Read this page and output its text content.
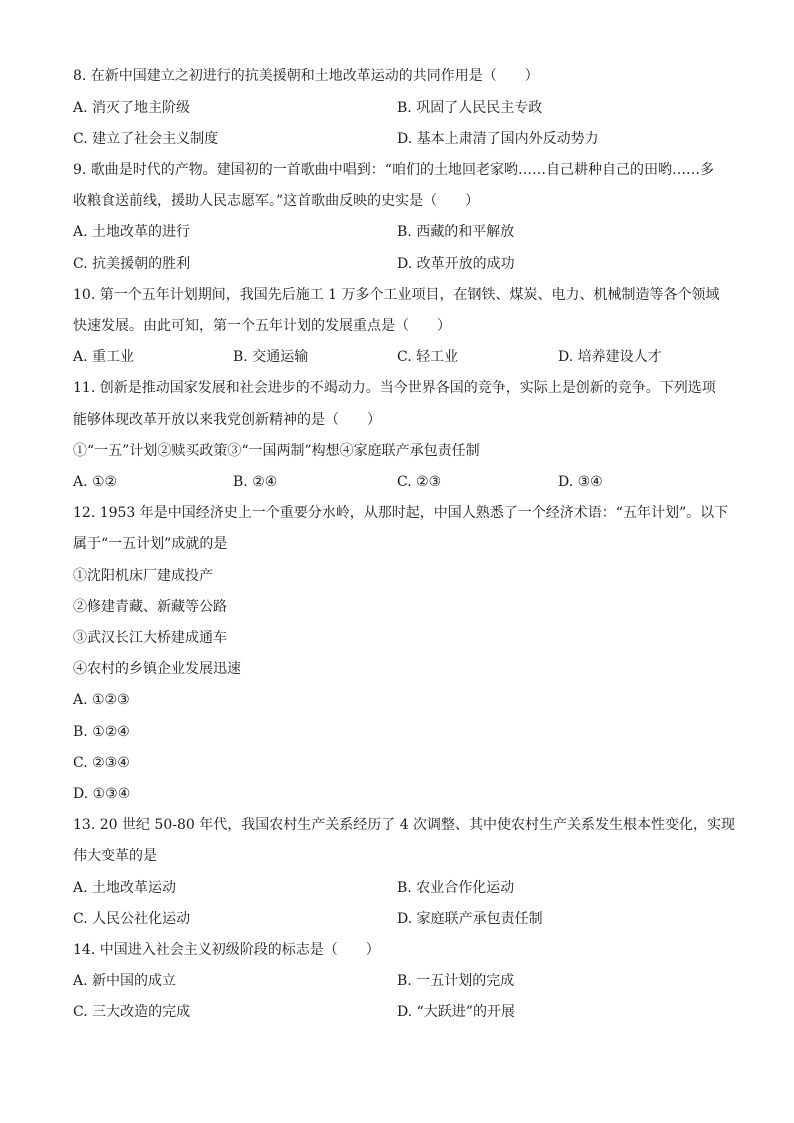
8. 在新中国建立之初进行的抗美援朝和土地改革运动的共同作用是（　　）
A. 消灭了地主阶级	B. 巩固了人民民主专政
C. 建立了社会主义制度	D. 基本上肃清了国内外反动势力
9. 歌曲是时代的产物。建国初的一首歌曲中唱到：“咱们的土地回老家哟……自己耕种自己的田哟……多
收粮食送前线，援助人民志愿军。”这首歌曲反映的史实是（　　）
A. 土地改革的进行	B. 西藏的和平解放
C. 抗美援朝的胜利	D. 改革开放的成功
10. 第一个五年计划期间，我国先后施工 1 万多个工业项目，在钢铁、煤炭、电力、机械制造等各个领域
快速发展。由此可知，第一个五年计划的发展重点是（　　）
A. 重工业	B. 交通运输	C. 轻工业	D. 培养建设人才
11. 创新是推动国家发展和社会进步的不竭动力。当今世界各国的竞争，实际上是创新的竞争。下列选项
能够体现改革开放以来我党创新精神的是（　　）
①“一五”计划②赎买政策③“一国两制”构想④家庭联产承包责任制
A. ①②	B. ②④	C. ②③	D. ③④
12. 1953 年是中国经济史上一个重要分水岭，从那时起，中国人熟悉了一个经济术语：“五年计划”。以下
属于“一五计划”成就的是
①沈阳机床厂建成投产
②修建青藏、新藏等公路
③武汉长江大桥建成通车
④农村的乡镇企业发展迅速
A. ①②③
B. ①②④
C. ②③④
D. ①③④
13. 20 世纪 50-80 年代，我国农村生产关系经历了 4 次调整、其中使农村生产关系发生根本性变化，实现
伟大变革的是
A. 土地改革运动	B. 农业合作化运动
C. 人民公社化运动	D. 家庭联产承包责任制
14. 中国进入社会主义初级阶段的标志是（　　）
A. 新中国的成立	B. 一五计划的完成
C. 三大改造的完成	D. “大跃进”的开展
